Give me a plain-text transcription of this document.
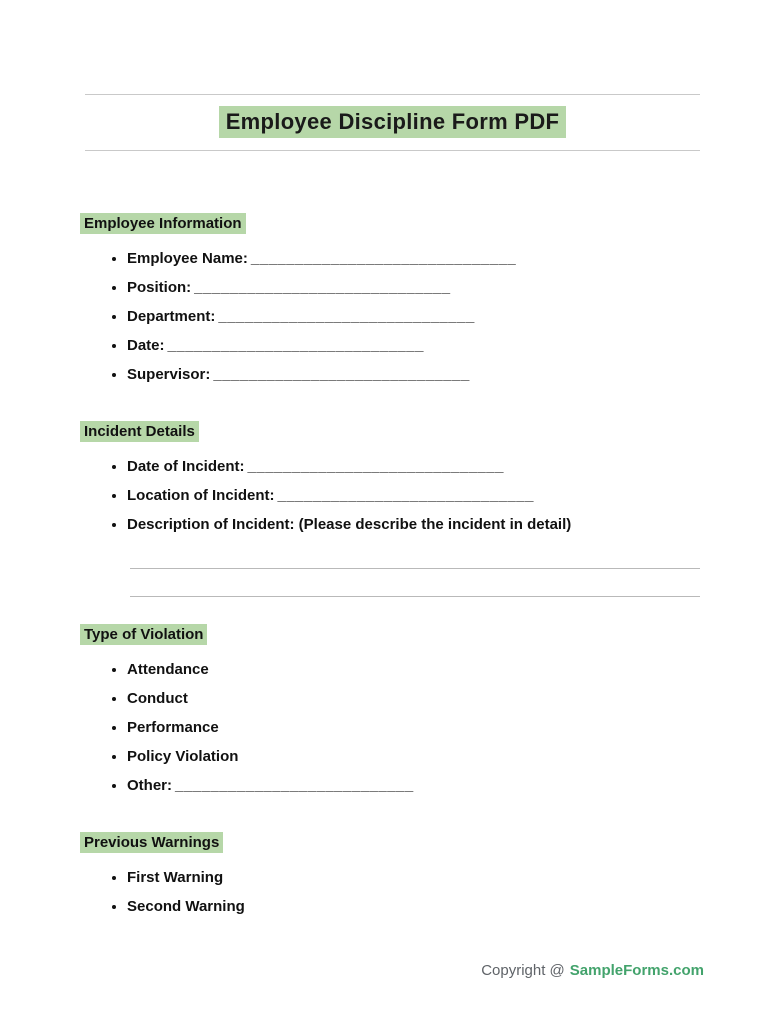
Employee Discipline Form PDF
Employee Information
• Employee Name: ______________________________
• Position: _____________________________
• Department: _____________________________
• Date: _____________________________
• Supervisor: _____________________________
Incident Details
• Date of Incident: _____________________________
• Location of Incident: _____________________________
• Description of Incident: (Please describe the incident in detail)
Type of Violation
• Attendance
• Conduct
• Performance
• Policy Violation
• Other: ___________________________
Previous Warnings
• First Warning
• Second Warning
Copyright @ SampleForms.com
